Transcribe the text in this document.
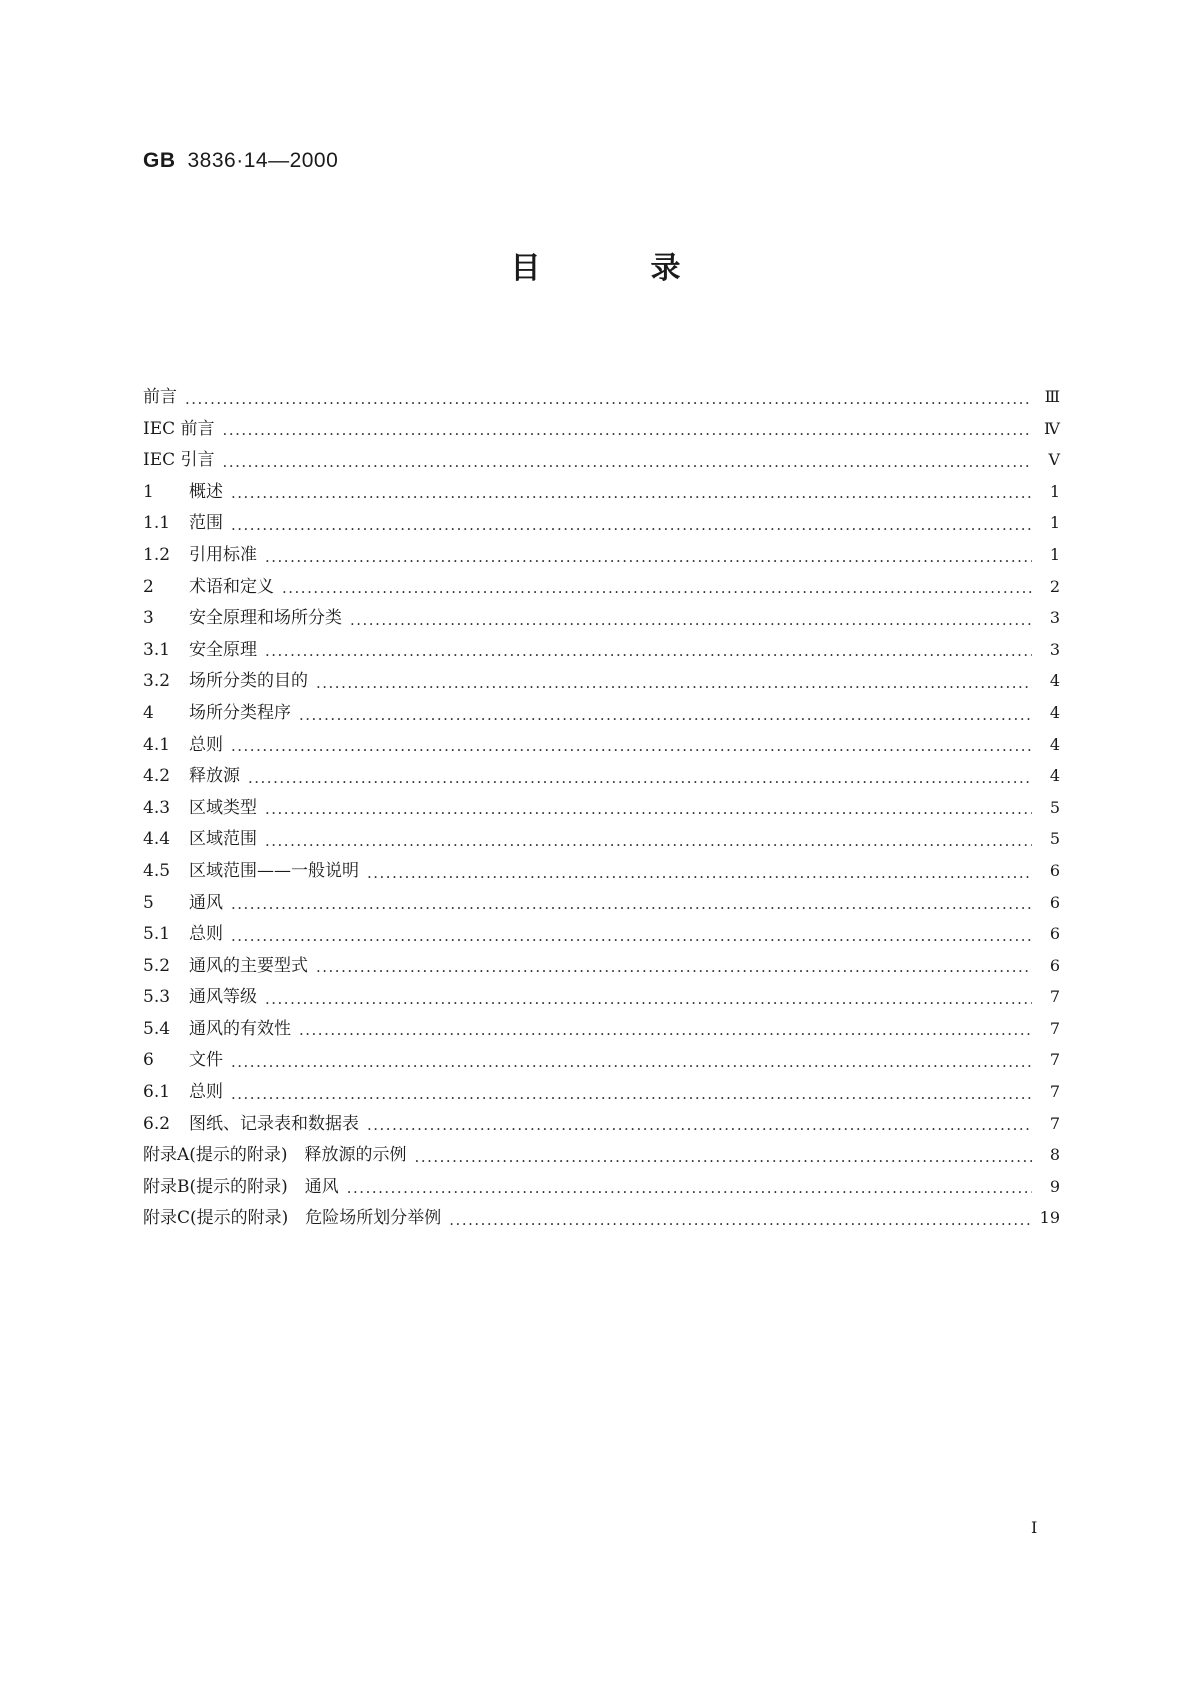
GB 3836·14—2000
目录
前言 ·····	Ⅲ
IEC 前言 ·····	Ⅳ
IEC 引言 ·····	Ⅴ
1	概述 ·····	1
1.1	范围 ·····	1
1.2	引用标准 ·····	1
2	术语和定义 ·····	2
3	安全原理和场所分类 ·····	3
3.1	安全原理 ·····	3
3.2	场所分类的目的 ·····	4
4	场所分类程序 ·····	4
4.1	总则 ·····	4
4.2	释放源 ·····	4
4.3	区域类型 ·····	5
4.4	区域范围 ·····	5
4.5	区域范围——一般说明 ·····	6
5	通风 ·····	6
5.1	总则 ·····	6
5.2	通风的主要型式 ·····	6
5.3	通风等级 ·····	7
5.4	通风的有效性 ·····	7
6	文件 ·····	7
6.1	总则 ·····	7
6.2	图纸、记录表和数据表 ·····	7
附录A(提示的附录)　释放源的示例 ·····	8
附录B(提示的附录)　通风 ·····	9
附录C(提示的附录)　危险场所划分举例 ·····	19
I
